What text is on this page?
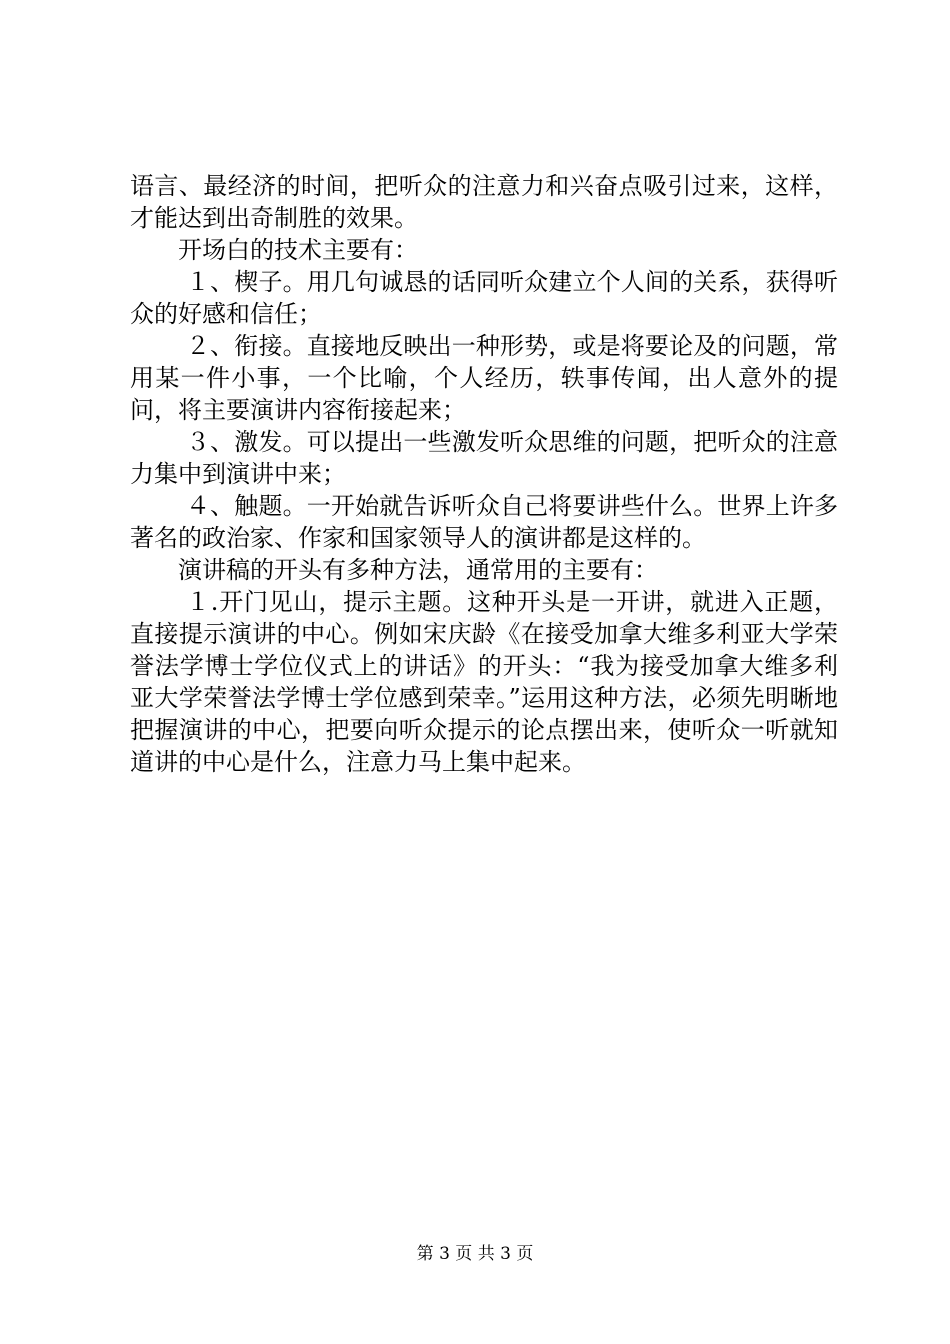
语言、最经济的时间，把听众的注意力和兴奋点吸引过来，这样，才能达到出奇制胜的效果。

开场白的技术主要有：

１、楔子。用几句诚恳的话同听众建立个人间的关系，获得听众的好感和信任；

２、衔接。直接地反映出一种形势，或是将要论及的问题，常用某一件小事，一个比喻，个人经历，轶事传闻，出人意外的提问，将主要演讲内容衔接起来；

３、激发。可以提出一些激发听众思维的问题，把听众的注意力集中到演讲中来；

４、触题。一开始就告诉听众自己将要讲些什么。世界上许多著名的政治家、作家和国家领导人的演讲都是这样的。

演讲稿的开头有多种方法，通常用的主要有：

１.开门见山，提示主题。这种开头是一开讲，就进入正题，直接提示演讲的中心。例如宋庆龄《在接受加拿大维多利亚大学荣誉法学博士学位仪式上的讲话》的开头：“我为接受加拿大维多利亚大学荣誉法学博士学位感到荣幸。”运用这种方法，必须先明晰地把握演讲的中心，把要向听众提示的论点摆出来，使听众一听就知道讲的中心是什么，注意力马上集中起来。

第 3 页 共 3 页
